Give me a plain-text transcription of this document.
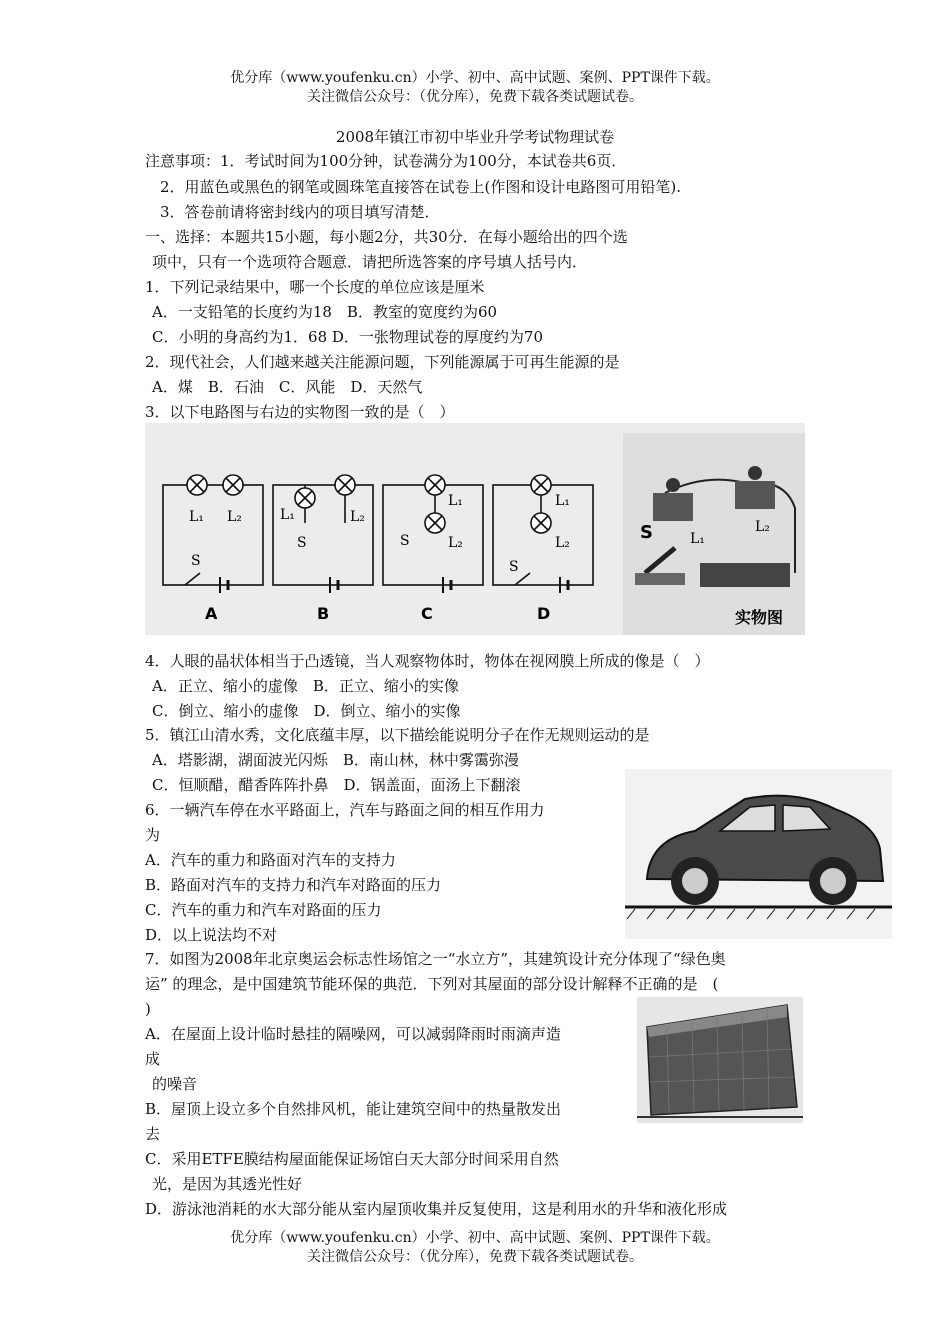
优分库（www.youfenku.cn）小学、初中、高中试题、案例、PPT课件下载。
关注微信公众号：（优分库），免费下载各类试题试卷。
2008年镇江市初中毕业升学考试物理试卷
注意事项：1．考试时间为100分钟，试卷满分为100分，本试卷共6页．
2．用蓝色或黑色的钢笔或圆珠笔直接答在试卷上(作图和设计电路图可用铅笔).
3．答卷前请将密封线内的项目填写清楚．
一、选择：本题共15小题，每小题2分，共30分．在每小题给出的四个选
项中，只有一个选项符合题意．请把所选答案的序号填人括号内．
1．下列记录结果中，哪一个长度的单位应该是厘米
A．一支铅笔的长度约为18　B．教室的宽度约为60
C．小明的身高约为1．68 D．一张物理试卷的厚度约为70
2．现代社会，人们越来越关注能源问题，下列能源属于可再生能源的是
A．煤　B．石油　C．风能　D．天然气
3．以下电路图与右边的实物图一致的是（　）
L₁ L₂
S
A
L₁	L₂
S
B
L₁
L₂
S
C
L₁
L₂
S
D
S	L₁
L₂
实物图
4．人眼的晶状体相当于凸透镜，当人观察物体时，物体在视网膜上所成的像是（　）
A．正立、缩小的虚像　B．正立、缩小的实像
C．倒立、缩小的虚像　D．倒立、缩小的实像
5．镇江山清水秀，文化底蕴丰厚，以下描绘能说明分子在作无规则运动的是
A．塔影湖，湖面波光闪烁　B．南山林，林中雾霭弥漫
C．恒顺醋，醋香阵阵扑鼻　D．锅盖面，面汤上下翻滚
6．一辆汽车停在水平路面上，汽车与路面之间的相互作用力
为
A．汽车的重力和路面对汽车的支持力
B．路面对汽车的支持力和汽车对路面的压力
C．汽车的重力和汽车对路面的压力
D．以上说法均不对
7．如图为2008年北京奥运会标志性场馆之一“水立方”，其建筑设计充分体现了“绿色奥
运” 的理念，是中国建筑节能环保的典范．下列对其屋面的部分设计解释不正确的是　(
)
A．在屋面上设计临时悬挂的隔噪网，可以减弱降雨时雨滴声造
成
的噪音
B．屋顶上设立多个自然排风机，能让建筑空间中的热量散发出
去
C．采用ETFE膜结构屋面能保证场馆白天大部分时间采用自然
光，是因为其透光性好
D．游泳池消耗的水大部分能从室内屋顶收集并反复使用，这是利用水的升华和液化形成
优分库（www.youfenku.cn）小学、初中、高中试题、案例、PPT课件下载。
关注微信公众号：（优分库），免费下载各类试题试卷。
